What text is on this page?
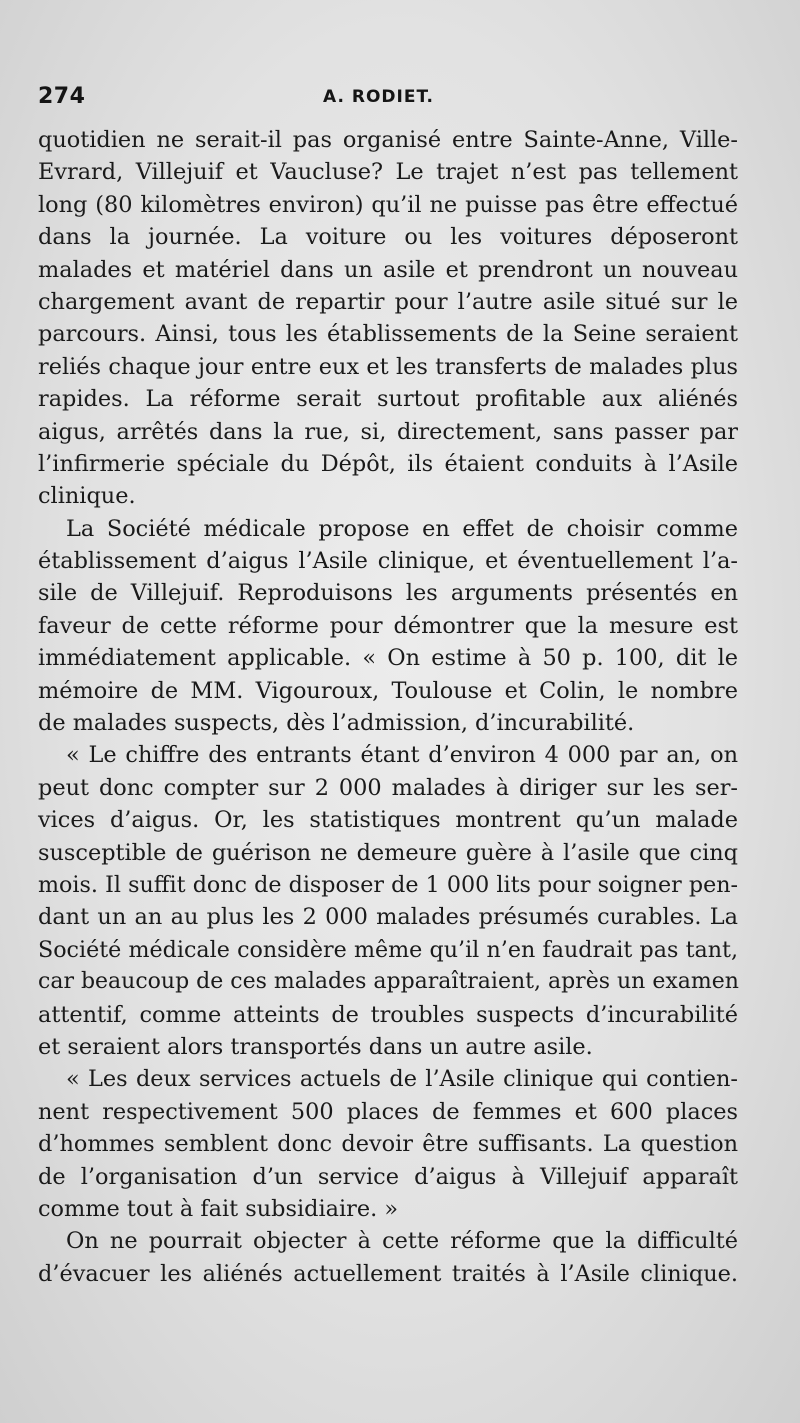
274	A. RODIET.
quotidien ne serait-il pas organisé entre Sainte-Anne, Ville-
Evrard, Villejuif et Vaucluse? Le trajet n’est pas tellement
long (80 kilomètres environ) qu’il ne puisse pas être effectué
dans la journée. La voiture ou les voitures déposeront
malades et matériel dans un asile et prendront un nouveau
chargement avant de repartir pour l’autre asile situé sur le
parcours. Ainsi, tous les établissements de la Seine seraient
reliés chaque jour entre eux et les transferts de malades plus
rapides. La réforme serait surtout profitable aux aliénés
aigus, arrêtés dans la rue, si, directement, sans passer par
l’infirmerie spéciale du Dépôt, ils étaient conduits à l’Asile
clinique.
La Société médicale propose en effet de choisir comme
établissement d’aigus l’Asile clinique, et éventuellement l’a-
sile de Villejuif. Reproduisons les arguments présentés en
faveur de cette réforme pour démontrer que la mesure est
immédiatement applicable. « On estime à 50 p. 100, dit le
mémoire de MM. Vigouroux, Toulouse et Colin, le nombre
de malades suspects, dès l’admission, d’incurabilité.
« Le chiffre des entrants étant d’environ 4 000 par an, on
peut donc compter sur 2 000 malades à diriger sur les ser-
vices d’aigus. Or, les statistiques montrent qu’un malade
susceptible de guérison ne demeure guère à l’asile que cinq
mois. Il suffit donc de disposer de 1 000 lits pour soigner pen-
dant un an au plus les 2 000 malades présumés curables. La
Société médicale considère même qu’il n’en faudrait pas tant,
car beaucoup de ces malades apparaîtraient, après un examen
attentif, comme atteints de troubles suspects d’incurabilité
et seraient alors transportés dans un autre asile.
« Les deux services actuels de l’Asile clinique qui contien-
nent respectivement 500 places de femmes et 600 places
d’hommes semblent donc devoir être suffisants. La question
de l’organisation d’un service d’aigus à Villejuif apparaît
comme tout à fait subsidiaire. »
On ne pourrait objecter à cette réforme que la difficulté
d’évacuer les aliénés actuellement traités à l’Asile clinique.
